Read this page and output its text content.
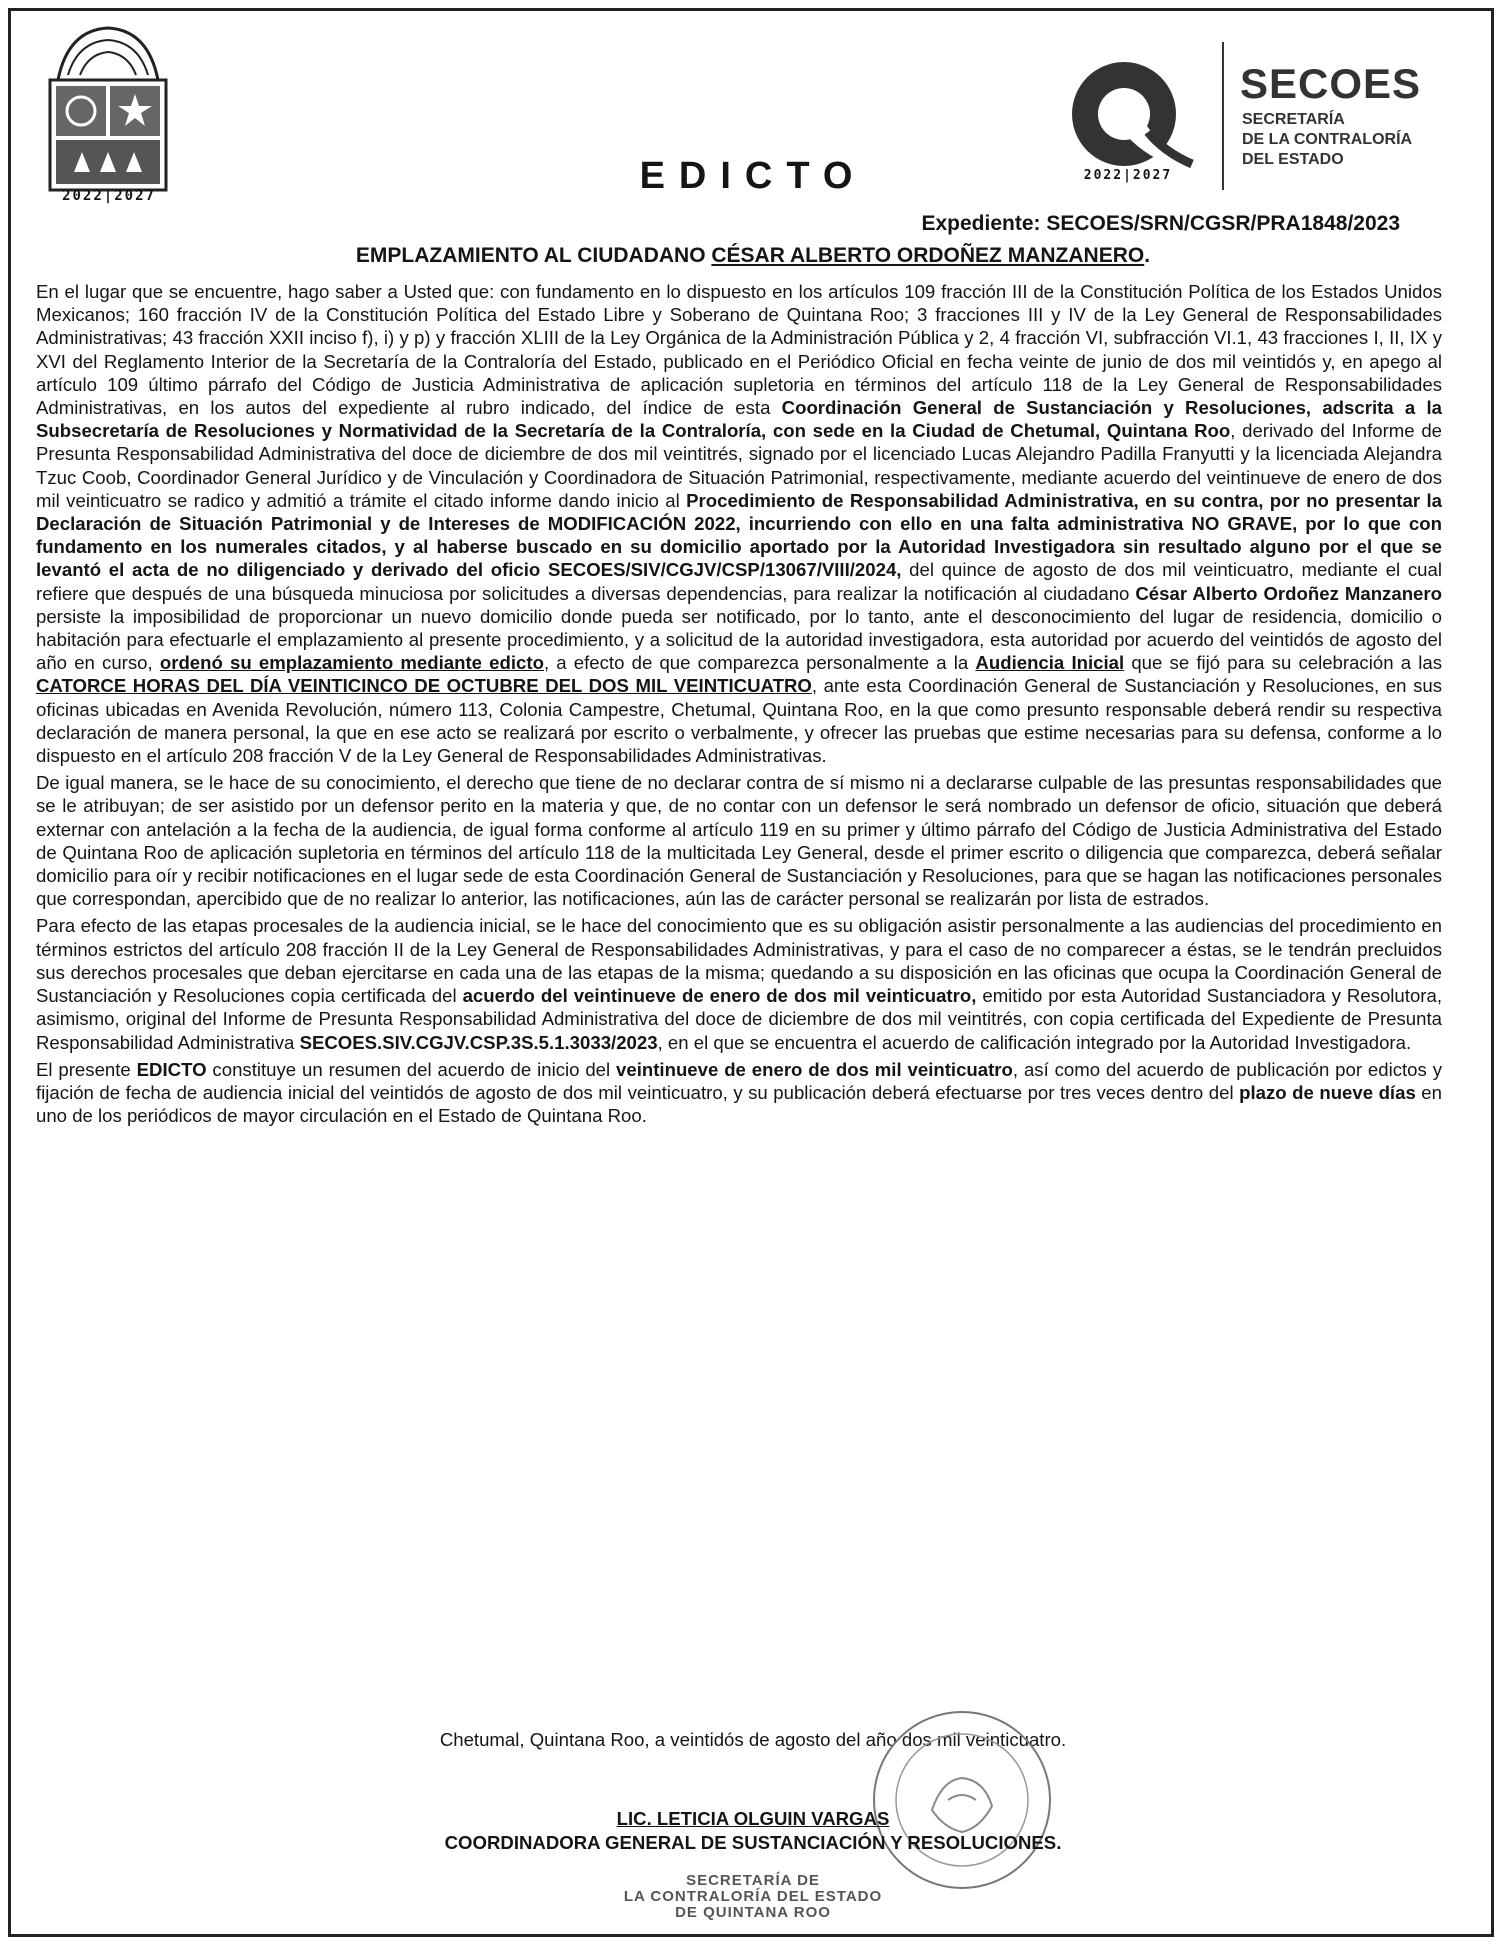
2022|2027	EDICTO	2022|2027
SECOES
SECRETARÍA
DE LA CONTRALORÍA
DEL ESTADO
Expediente: SECOES/SRN/CGSR/PRA1848/2023
EMPLAZAMIENTO AL CIUDADANO CÉSAR ALBERTO ORDOÑEZ MANZANERO.

En el lugar que se encuentre, hago saber a Usted que: con fundamento en lo dispuesto en los artículos 109 fracción III de la Constitución Política de los Estados Unidos Mexicanos; 160 fracción IV de la Constitución Política del Estado Libre y Soberano de Quintana Roo; 3 fracciones III y IV de la Ley General de Responsabilidades Administrativas; 43 fracción XXII inciso f), i) y p) y fracción XLIII de la Ley Orgánica de la Administración Pública y 2, 4 fracción VI, subfracción VI.1, 43 fracciones I, II, IX y XVI del Reglamento Interior de la Secretaría de la Contraloría del Estado, publicado en el Periódico Oficial en fecha veinte de junio de dos mil veintidós y, en apego al artículo 109 último párrafo del Código de Justicia Administrativa de aplicación supletoria en términos del artículo 118 de la Ley General de Responsabilidades Administrativas, en los autos del expediente al rubro indicado, del índice de esta Coordinación General de Sustanciación y Resoluciones, adscrita a la Subsecretaría de Resoluciones y Normatividad de la Secretaría de la Contraloría, con sede en la Ciudad de Chetumal, Quintana Roo, derivado del Informe de Presunta Responsabilidad Administrativa del doce de diciembre de dos mil veintitrés, signado por el licenciado Lucas Alejandro Padilla Franyutti y la licenciada Alejandra Tzuc Coob, Coordinador General Jurídico y de Vinculación y Coordinadora de Situación Patrimonial, respectivamente, mediante acuerdo del veintinueve de enero de dos mil veinticuatro se radico y admitió a trámite el citado informe dando inicio al Procedimiento de Responsabilidad Administrativa, en su contra, por no presentar la Declaración de Situación Patrimonial y de Intereses de MODIFICACIÓN 2022, incurriendo con ello en una falta administrativa NO GRAVE, por lo que con fundamento en los numerales citados, y al haberse buscado en su domicilio aportado por la Autoridad Investigadora sin resultado alguno por el que se levantó el acta de no diligenciado y derivado del oficio SECOES/SIV/CGJV/CSP/13067/VIII/2024, del quince de agosto de dos mil veinticuatro, mediante el cual refiere que después de una búsqueda minuciosa por solicitudes a diversas dependencias, para realizar la notificación al ciudadano César Alberto Ordoñez Manzanero persiste la imposibilidad de proporcionar un nuevo domicilio donde pueda ser notificado, por lo tanto, ante el desconocimiento del lugar de residencia, domicilio o habitación para efectuarle el emplazamiento al presente procedimiento, y a solicitud de la autoridad investigadora, esta autoridad por acuerdo del veintidós de agosto del año en curso, ordenó su emplazamiento mediante edicto, a efecto de que comparezca personalmente a la Audiencia Inicial que se fijó para su celebración a las CATORCE HORAS DEL DÍA VEINTICINCO DE OCTUBRE DEL DOS MIL VEINTICUATRO, ante esta Coordinación General de Sustanciación y Resoluciones, en sus oficinas ubicadas en Avenida Revolución, número 113, Colonia Campestre, Chetumal, Quintana Roo, en la que como presunto responsable deberá rendir su respectiva declaración de manera personal, la que en ese acto se realizará por escrito o verbalmente, y ofrecer las pruebas que estime necesarias para su defensa, conforme a lo dispuesto en el artículo 208 fracción V de la Ley General de Responsabilidades Administrativas.

De igual manera, se le hace de su conocimiento, el derecho que tiene de no declarar contra de sí mismo ni a declararse culpable de las presuntas responsabilidades que se le atribuyan; de ser asistido por un defensor perito en la materia y que, de no contar con un defensor le será nombrado un defensor de oficio, situación que deberá externar con antelación a la fecha de la audiencia, de igual forma conforme al artículo 119 en su primer y último párrafo del Código de Justicia Administrativa del Estado de Quintana Roo de aplicación supletoria en términos del artículo 118 de la multicitada Ley General, desde el primer escrito o diligencia que comparezca, deberá señalar domicilio para oír y recibir notificaciones en el lugar sede de esta Coordinación General de Sustanciación y Resoluciones, para que se hagan las notificaciones personales que correspondan, apercibido que de no realizar lo anterior, las notificaciones, aún las de carácter personal se realizarán por lista de estrados.

Para efecto de las etapas procesales de la audiencia inicial, se le hace del conocimiento que es su obligación asistir personalmente a las audiencias del procedimiento en términos estrictos del artículo 208 fracción II de la Ley General de Responsabilidades Administrativas, y para el caso de no comparecer a éstas, se le tendrán precluidos sus derechos procesales que deban ejercitarse en cada una de las etapas de la misma; quedando a su disposición en las oficinas que ocupa la Coordinación General de Sustanciación y Resoluciones copia certificada del acuerdo del veintinueve de enero de dos mil veinticuatro, emitido por esta Autoridad Sustanciadora y Resolutora, asimismo, original del Informe de Presunta Responsabilidad Administrativa del doce de diciembre de dos mil veintitrés, con copia certificada del Expediente de Presunta Responsabilidad Administrativa SECOES.SIV.CGJV.CSP.3S.5.1.3033/2023, en el que se encuentra el acuerdo de calificación integrado por la Autoridad Investigadora.

El presente EDICTO constituye un resumen del acuerdo de inicio del veintinueve de enero de dos mil veinticuatro, así como del acuerdo de publicación por edictos y fijación de fecha de audiencia inicial del veintidós de agosto de dos mil veinticuatro, y su publicación deberá efectuarse por tres veces dentro del plazo de nueve días en uno de los periódicos de mayor circulación en el Estado de Quintana Roo.

Chetumal, Quintana Roo, a veintidós de agosto del año dos mil veinticuatro.
LIC. LETICIA OLGUIN VARGAS
COORDINADORA GENERAL DE SUSTANCIACIÓN Y RESOLUCIONES.
SECRETARÍA DE
LA CONTRALORÍA DEL ESTADO
DE QUINTANA ROO
